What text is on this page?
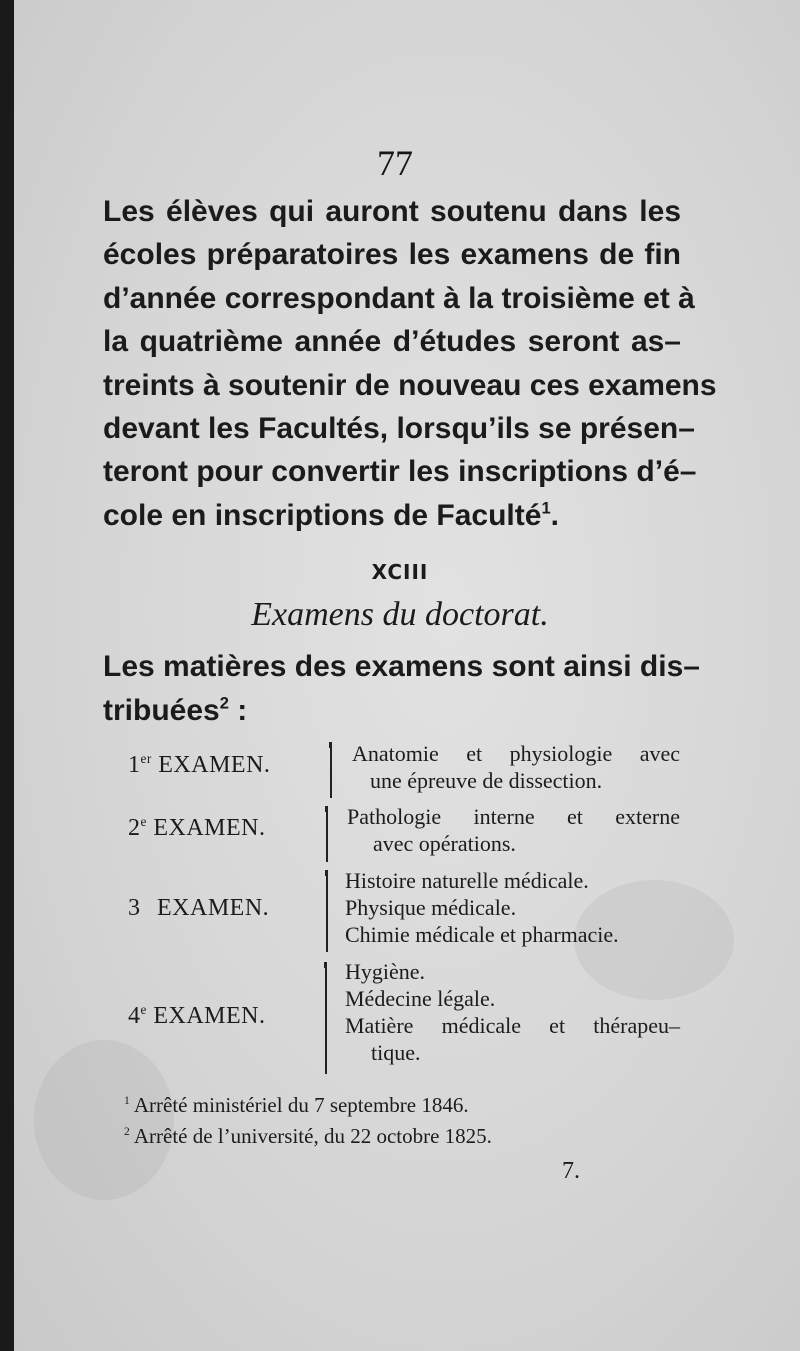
77
Les élèves qui auront soutenu dans les
écoles préparatoires les examens de fin
d’année correspondant à la troisième et à
la quatrième année d’études seront as–
treints à soutenir de nouveau ces examens
devant les Facultés, lorsqu’ils se présen–
teront pour convertir les inscriptions d’é–
cole en inscriptions de Faculté$^1$.
XCIII
Examens du doctorat.
Les matières des examens sont ainsi dis–
tribuées$^2$ :
1er EXAMEN.	Anatomie et physiologie avec
une épreuve de dissection.
2e EXAMEN.	Pathologie interne et externe
avec opérations.
3 EXAMEN.
Histoire naturelle médicale.
Physique médicale.
Chimie médicale et pharmacie.
4e EXAMEN.
Hygiène.
Médecine légale.
Matière médicale et thérapeu–
tique.
$^1$ Arrêté ministériel du 7 septembre 1846.
$^2$ Arrêté de l’université, du 22 octobre 1825.
7.
